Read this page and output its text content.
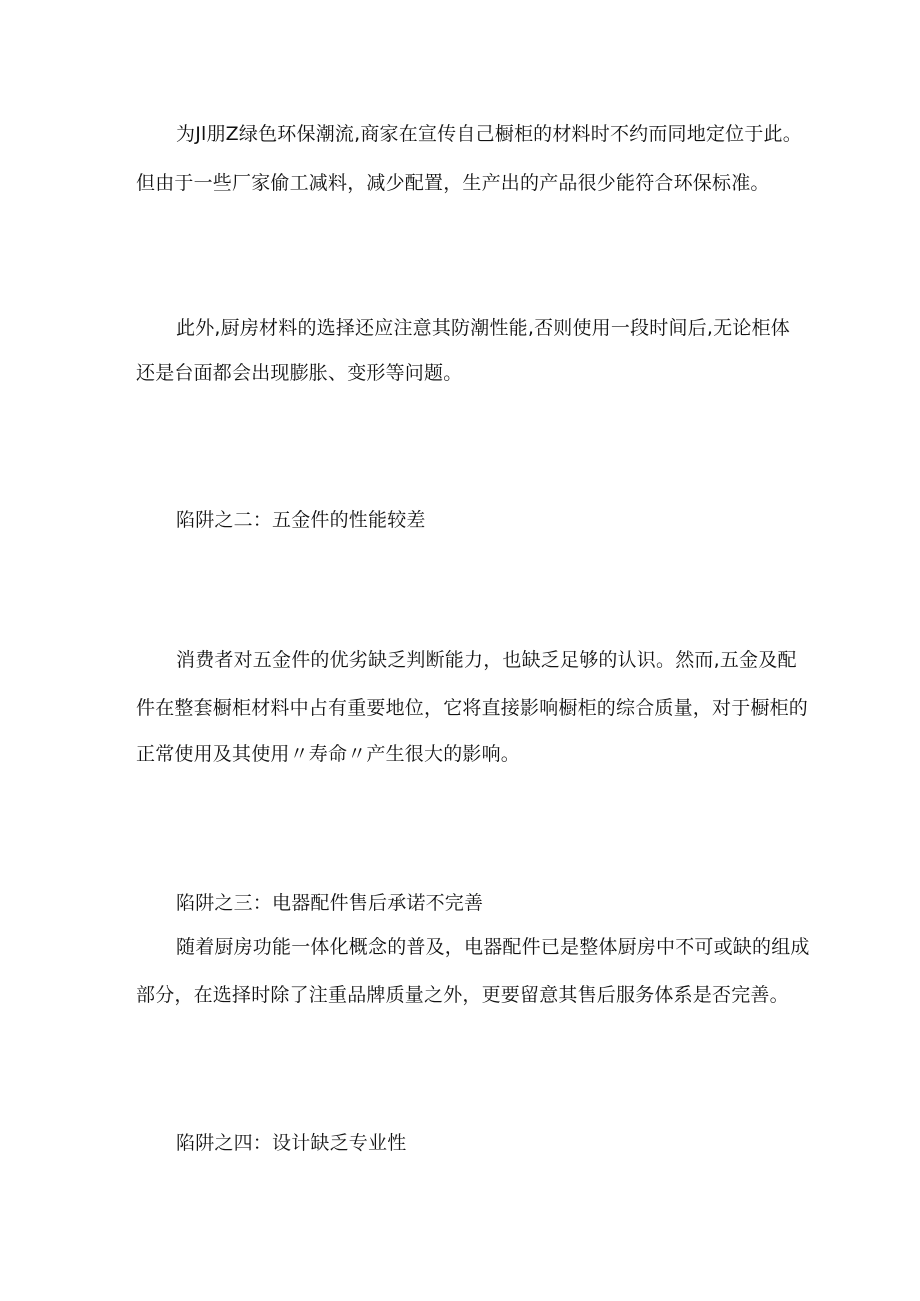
为Jl朋Z绿色环保潮流,商家在宣传自己橱柜的材料时不约而同地定位于此。
但由于一些厂家偷工减料，减少配置，生产出的产品很少能符合环保标准。
此外,厨房材料的选择还应注意其防潮性能,否则使用一段时间后,无论柜体
还是台面都会出现膨胀、变形等问题。
陷阱之二：五金件的性能较差
消费者对五金件的优劣缺乏判断能力，也缺乏足够的认识。然而,五金及配
件在整套橱柜材料中占有重要地位，它将直接影响橱柜的综合质量，对于橱柜的
正常使用及其使用〃寿命〃产生很大的影响。
陷阱之三：电器配件售后承诺不完善
随着厨房功能一体化概念的普及，电器配件已是整体厨房中不可或缺的组成
部分，在选择时除了注重品牌质量之外，更要留意其售后服务体系是否完善。
陷阱之四：设计缺乏专业性
